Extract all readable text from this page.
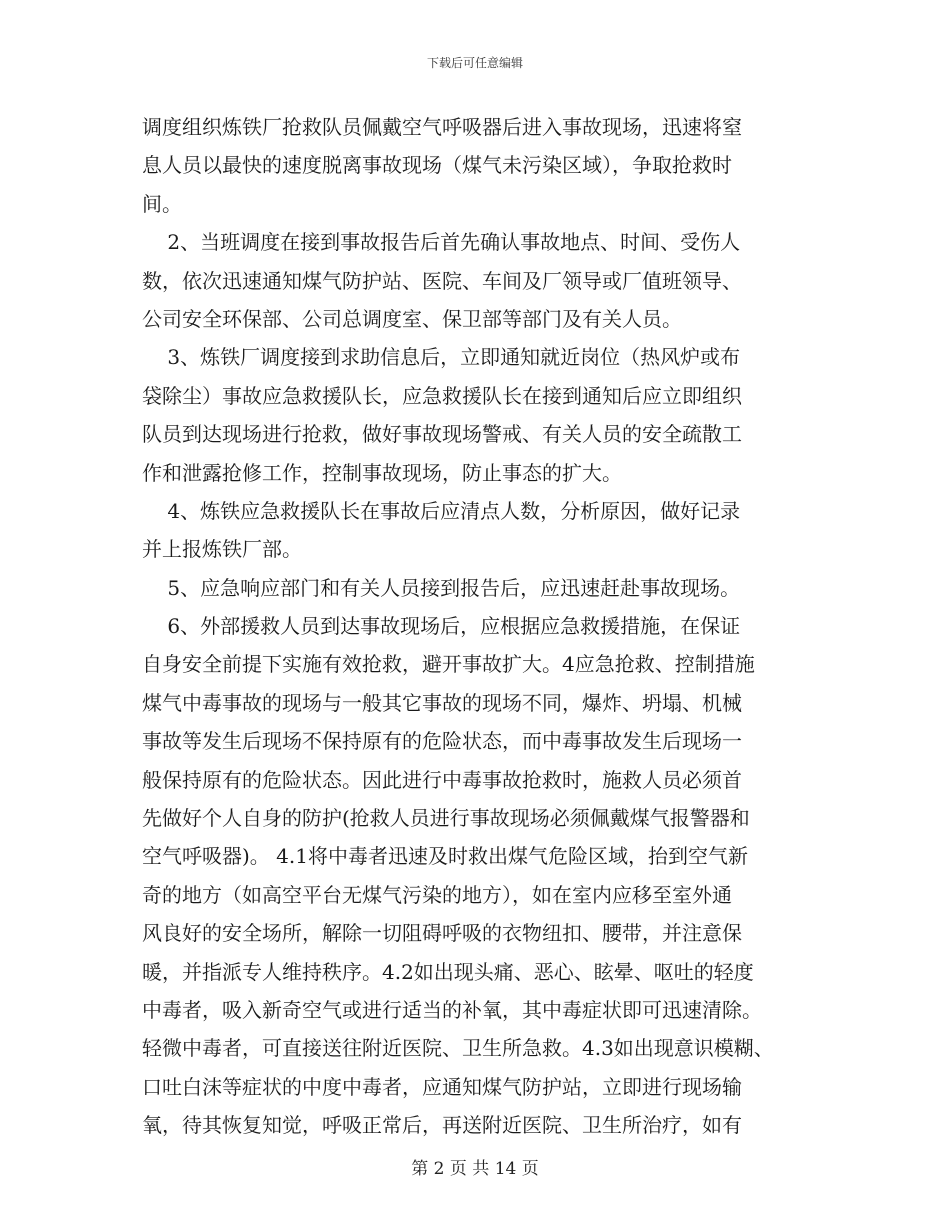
下载后可任意编辑
调度组织炼铁厂抢救队员佩戴空气呼吸器后进入事故现场，迅速将窒
息人员以最快的速度脱离事故现场（煤气未污染区域），争取抢救时
间。
2、当班调度在接到事故报告后首先确认事故地点、时间、受伤人
数，依次迅速通知煤气防护站、医院、车间及厂领导或厂值班领导、
公司安全环保部、公司总调度室、保卫部等部门及有关人员。
3、炼铁厂调度接到求助信息后，立即通知就近岗位（热风炉或布
袋除尘）事故应急救援队长，应急救援队长在接到通知后应立即组织
队员到达现场进行抢救，做好事故现场警戒、有关人员的安全疏散工
作和泄露抢修工作，控制事故现场，防止事态的扩大。
4、炼铁应急救援队长在事故后应清点人数，分析原因，做好记录
并上报炼铁厂部。
5、应急响应部门和有关人员接到报告后，应迅速赶赴事故现场。
6、外部援救人员到达事故现场后，应根据应急救援措施，在保证
自身安全前提下实施有效抢救，避开事故扩大。4应急抢救、控制措施
煤气中毒事故的现场与一般其它事故的现场不同，爆炸、坍塌、机械
事故等发生后现场不保持原有的危险状态，而中毒事故发生后现场一
般保持原有的危险状态。因此进行中毒事故抢救时，施救人员必须首
先做好个人自身的防护(抢救人员进行事故现场必须佩戴煤气报警器和
空气呼吸器)。 4.1将中毒者迅速及时救出煤气危险区域，抬到空气新
奇的地方（如高空平台无煤气污染的地方），如在室内应移至室外通
风良好的安全场所，解除一切阻碍呼吸的衣物纽扣、腰带，并注意保
暖，并指派专人维持秩序。4.2如出现头痛、恶心、眩晕、呕吐的轻度
中毒者，吸入新奇空气或进行适当的补氧，其中毒症状即可迅速清除。
轻微中毒者，可直接送往附近医院、卫生所急救。4.3如出现意识模糊、
口吐白沫等症状的中度中毒者，应通知煤气防护站，立即进行现场输
氧，待其恢复知觉，呼吸正常后，再送附近医院、卫生所治疗，如有
第 2 页 共 14 页
